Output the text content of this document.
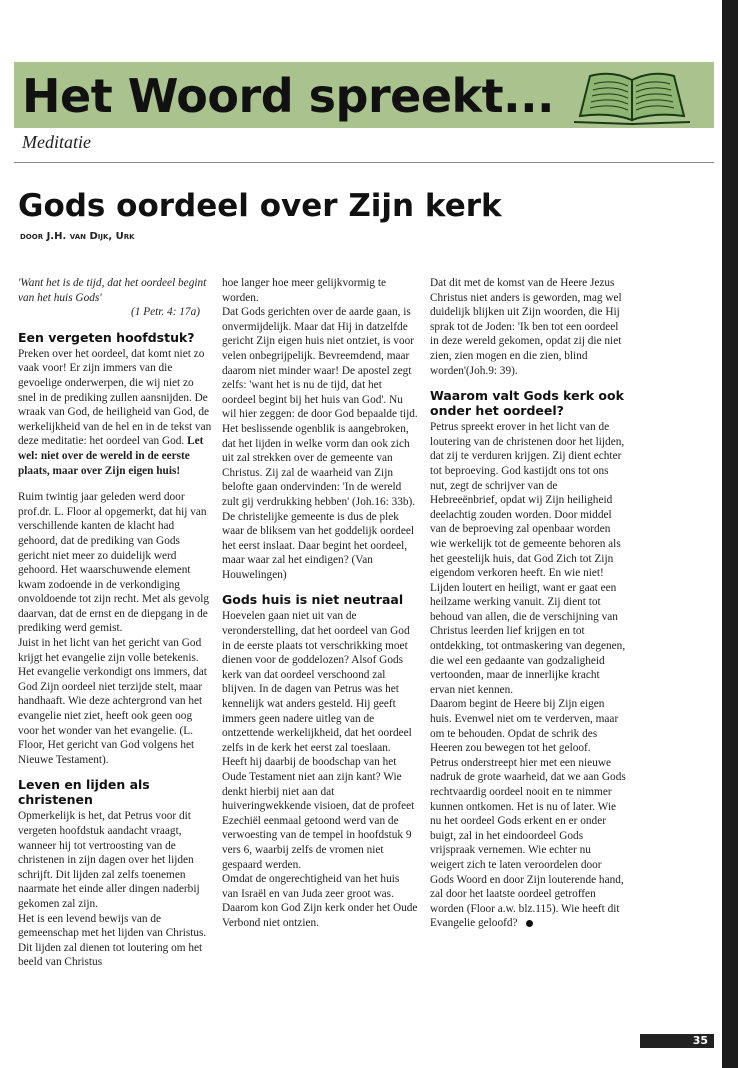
Het Woord spreekt...
Meditatie
Gods oordeel over Zijn kerk
door J.H. van Dijk, Urk

'Want het is de tijd, dat het oordeel begint van het huis Gods'

(1 Petr. 4: 17a)

Een vergeten hoofdstuk?

Preken over het oordeel, dat komt niet zo vaak voor! Er zijn immers van die gevoelige onderwerpen, die wij niet zo snel in de prediking zullen aansnijden. De wraak van God, de heiligheid van God, de werkelijkheid van de hel en in de tekst van deze meditatie: het oordeel van God. Let wel: niet over de wereld in de eerste plaats, maar over Zijn eigen huis!

Ruim twintig jaar geleden werd door prof.dr. L. Floor al opgemerkt, dat hij van verschillende kanten de klacht had gehoord, dat de prediking van Gods gericht niet meer zo duidelijk werd gehoord. Het waarschuwende element kwam zodoende in de verkondiging onvoldoende tot zijn recht. Met als gevolg daarvan, dat de ernst en de diepgang in de prediking werd gemist.

Juist in het licht van het gericht van God krijgt het evangelie zijn volle betekenis. Het evangelie verkondigt ons immers, dat God Zijn oordeel niet terzijde stelt, maar handhaaft. Wie deze achtergrond van het evangelie niet ziet, heeft ook geen oog voor het wonder van het evangelie. (L. Floor, Het gericht van God volgens het Nieuwe Testament).

Leven en lijden als christenen

Opmerkelijk is het, dat Petrus voor dit vergeten hoofdstuk aandacht vraagt, wanneer hij tot vertroosting van de christenen in zijn dagen over het lijden schrijft. Dit lijden zal zelfs toenemen naarmate het einde aller dingen naderbij gekomen zal zijn.

Het is een levend bewijs van de gemeenschap met het lijden van Christus. Dit lijden zal dienen tot loutering om het beeld van Christus

hoe langer hoe meer gelijkvormig te worden.

Dat Gods gerichten over de aarde gaan, is onvermijdelijk. Maar dat Hij in datzelfde gericht Zijn eigen huis niet ontziet, is voor velen onbegrijpelijk. Bevreemdend, maar daarom niet minder waar! De apostel zegt zelfs: 'want het is nu de tijd, dat het oordeel begint bij het huis van God'. Nu wil hier zeggen: de door God bepaalde tijd. Het beslissende ogenblik is aangebroken, dat het lijden in welke vorm dan ook zich uit zal strekken over de gemeente van Christus. Zij zal de waarheid van Zijn belofte gaan ondervinden: 'In de wereld zult gij verdrukking hebben' (Joh.16: 33b).

De christelijke gemeente is dus de plek waar de bliksem van het goddelijk oordeel het eerst inslaat. Daar begint het oordeel, maar waar zal het eindigen? (Van Houwelingen)

Gods huis is niet neutraal

Hoevelen gaan niet uit van de veronderstelling, dat het oordeel van God in de eerste plaats tot verschrikking moet dienen voor de goddelozen? Alsof Gods kerk van dat oordeel verschoond zal blijven. In de dagen van Petrus was het kennelijk wat anders gesteld. Hij geeft immers geen nadere uitleg van de ontzettende werkelijkheid, dat het oordeel zelfs in de kerk het eerst zal toeslaan. Heeft hij daarbij de boodschap van het Oude Testament niet aan zijn kant? Wie denkt hierbij niet aan dat huiveringwekkende visioen, dat de profeet Ezechiël eenmaal getoond werd van de verwoesting van de tempel in hoofdstuk 9 vers 6, waarbij zelfs de vromen niet gespaard werden.

Omdat de ongerechtigheid van het huis van Israël en van Juda zeer groot was. Daarom kon God Zijn kerk onder het Oude Verbond niet ontzien.

Dat dit met de komst van de Heere Jezus Christus niet anders is geworden, mag wel duidelijk blijken uit Zijn woorden, die Hij sprak tot de Joden: 'Ik ben tot een oordeel in deze wereld gekomen, opdat zij die niet zien, zien mogen en die zien, blind worden'(Joh.9: 39).

Waarom valt Gods kerk ook onder het oordeel?

Petrus spreekt erover in het licht van de loutering van de christenen door het lijden, dat zij te verduren krijgen. Zij dient echter tot beproeving. God kastijdt ons tot ons nut, zegt de schrijver van de Hebreeënbrief, opdat wij Zijn heiligheid deelachtig zouden worden. Door middel van de beproeving zal openbaar worden wie werkelijk tot de gemeente behoren als het geestelijk huis, dat God Zich tot Zijn eigendom verkoren heeft. En wie niet!

Lijden loutert en heiligt, want er gaat een heilzame werking vanuit. Zij dient tot behoud van allen, die de verschijning van Christus leerden lief krijgen en tot ontdekking, tot ontmaskering van degenen, die wel een gedaante van godzaligheid vertoonden, maar de innerlijke kracht ervan niet kennen.

Daarom begint de Heere bij Zijn eigen huis. Evenwel niet om te verderven, maar om te behouden. Opdat de schrik des Heeren zou bewegen tot het geloof.

Petrus onderstreept hier met een nieuwe nadruk de grote waarheid, dat we aan Gods rechtvaardig oordeel nooit en te nimmer kunnen ontkomen. Het is nu of later. Wie nu het oordeel Gods erkent en er onder buigt, zal in het eindoordeel Gods vrijspraak vernemen. Wie echter nu weigert zich te laten veroordelen door Gods Woord en door Zijn louterende hand, zal door het laatste oordeel getroffen worden (Floor a.w. blz.115). Wie heeft dit Evangelie geloofd?

35
